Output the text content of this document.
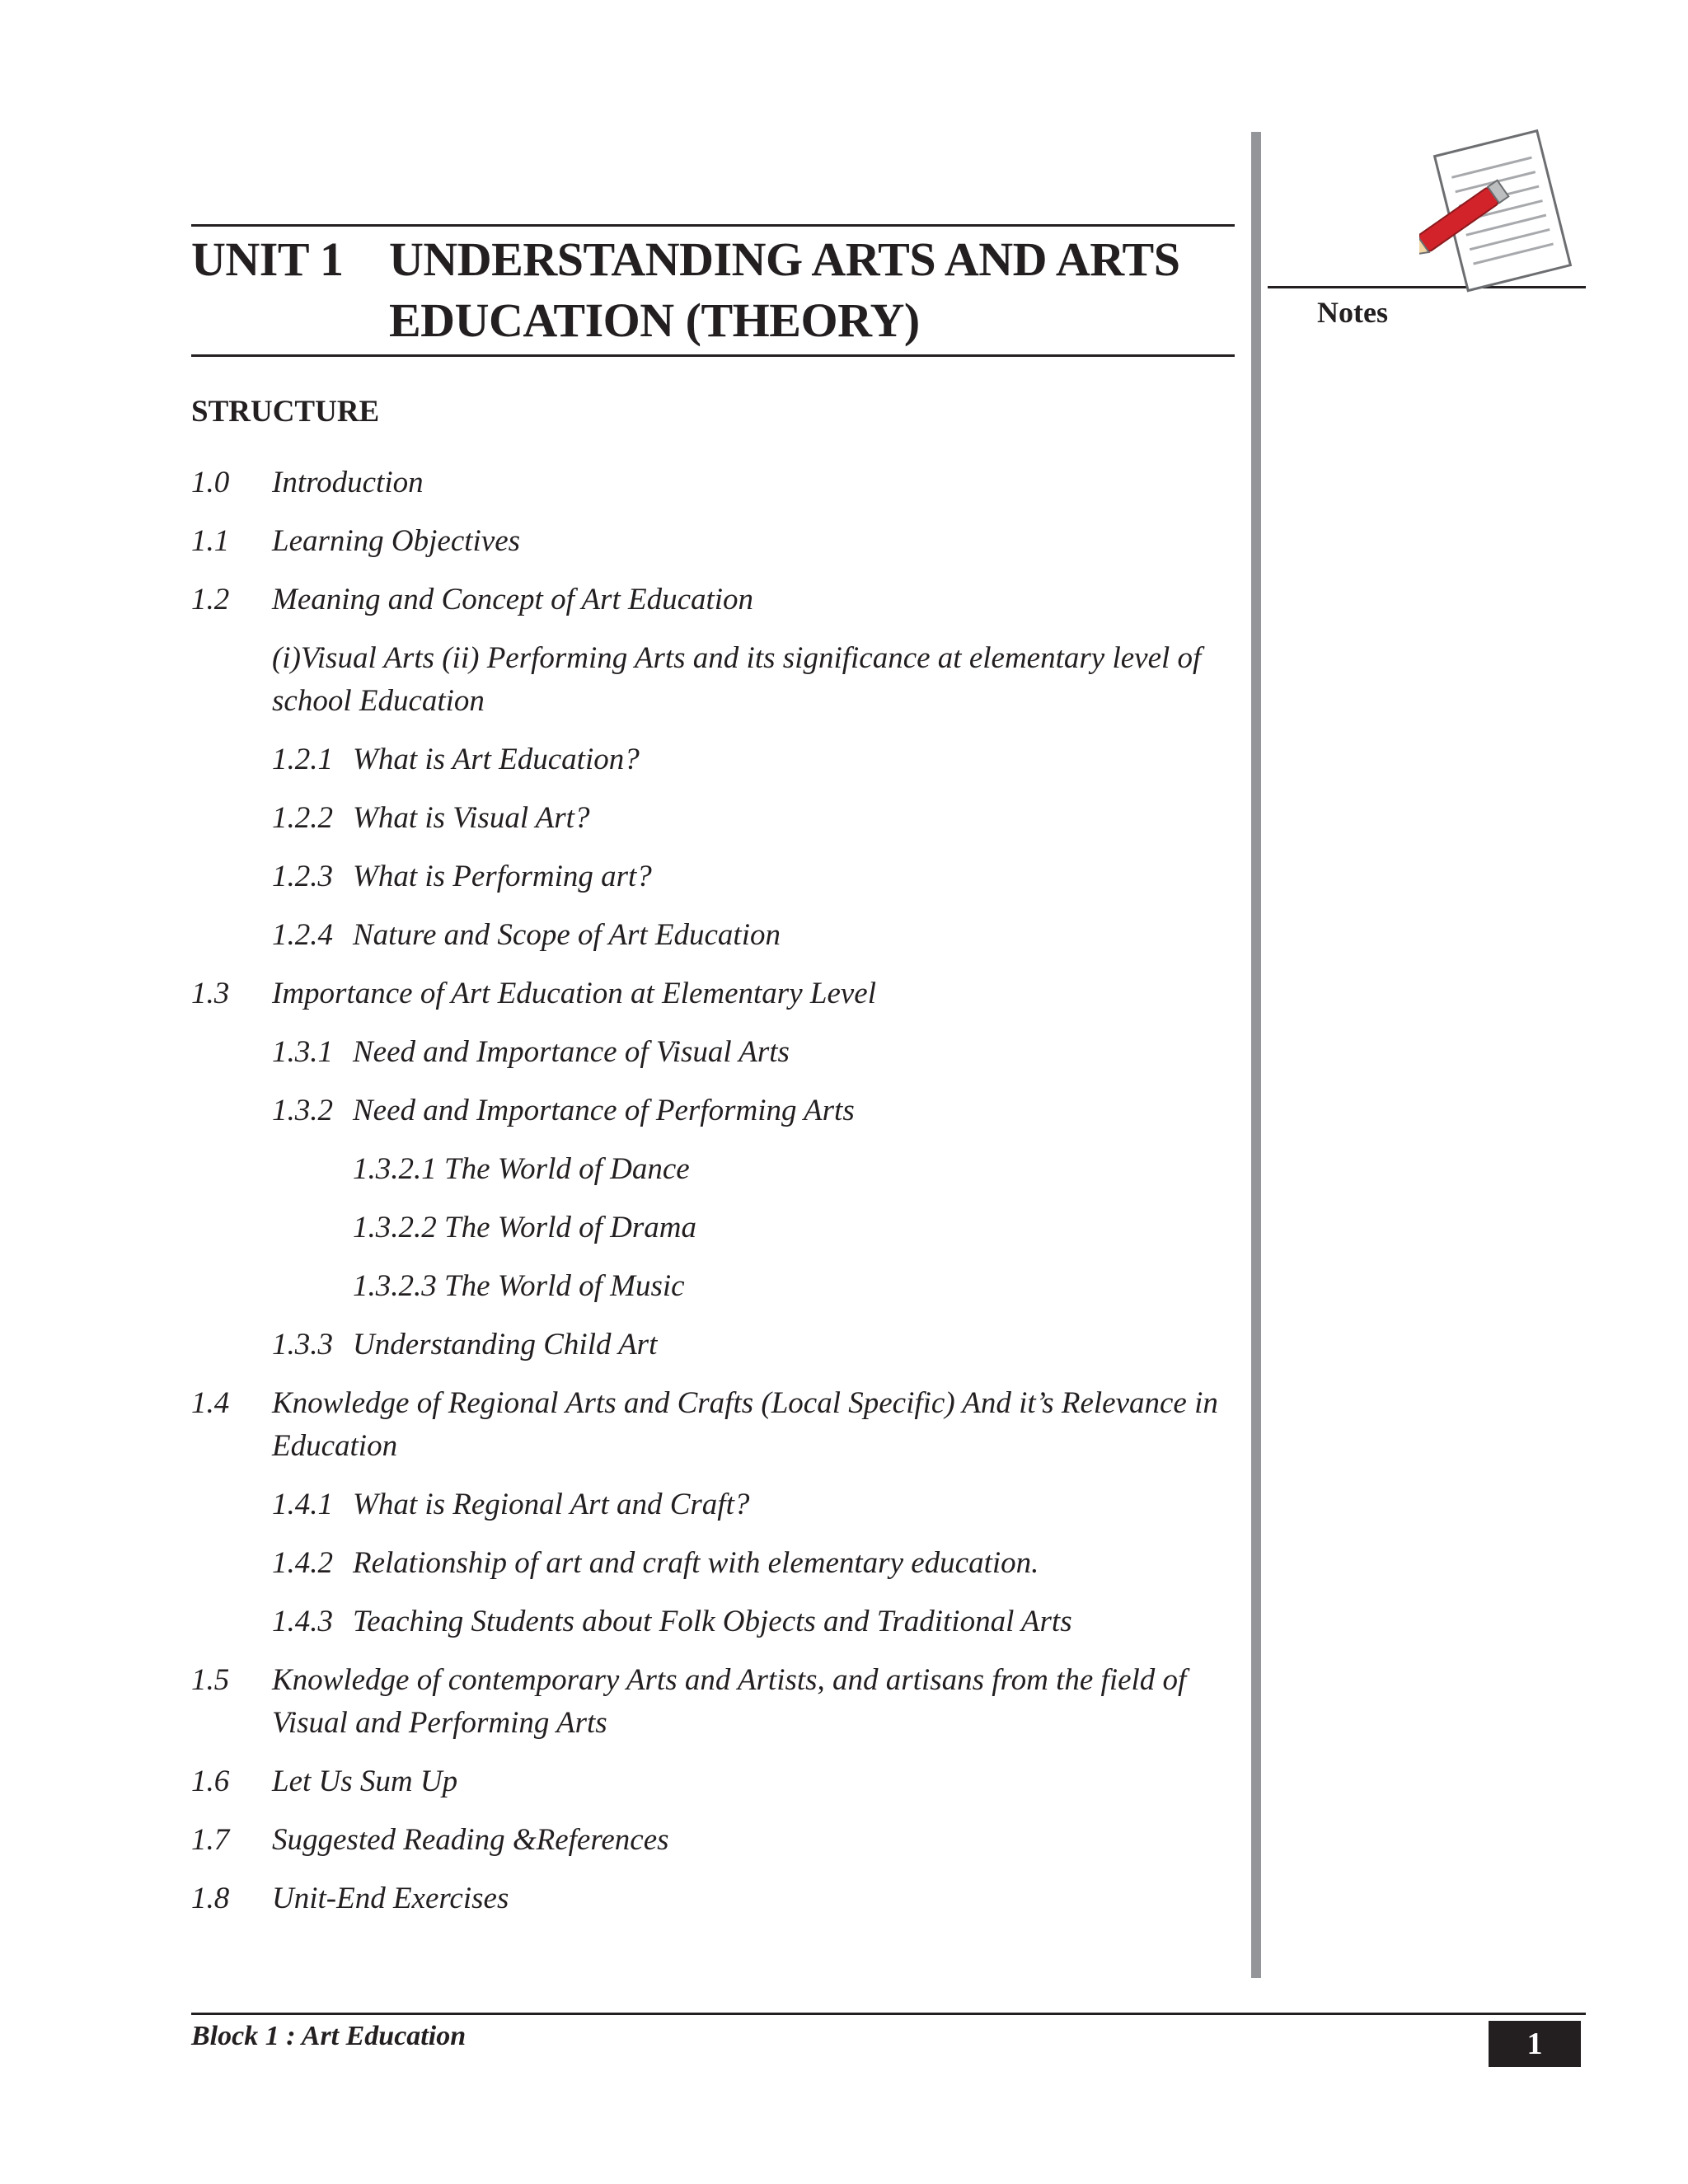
UNIT 1 UNDERSTANDING ARTS AND ARTS
EDUCATION (THEORY)	Notes
STRUCTURE
1.0 Introduction
1.1 Learning Objectives
1.2 Meaning and Concept of Art Education
(i)Visual Arts (ii) Performing Arts and its significance at elementary level of school Education
1.2.1 What is Art Education?
1.2.2 What is Visual Art?
1.2.3 What is Performing art?
1.2.4 Nature and Scope of Art Education
1.3 Importance of Art Education at Elementary Level
1.3.1 Need and Importance of Visual Arts
1.3.2 Need and Importance of Performing Arts
1.3.2.1 The World of Dance
1.3.2.2 The World of Drama
1.3.2.3 The World of Music
1.3.3 Understanding Child Art
1.4 Knowledge of Regional Arts and Crafts (Local Specific) And it’s Relevance in Education
1.4.1 What is Regional Art and Craft?
1.4.2 Relationship of art and craft with elementary education.
1.4.3 Teaching Students about Folk Objects and Traditional Arts
1.5 Knowledge of contemporary Arts and Artists, and artisans from the field of Visual and Performing Arts
1.6 Let Us Sum Up
1.7 Suggested Reading &References
1.8 Unit-End Exercises
Block 1 : Art Education	1
